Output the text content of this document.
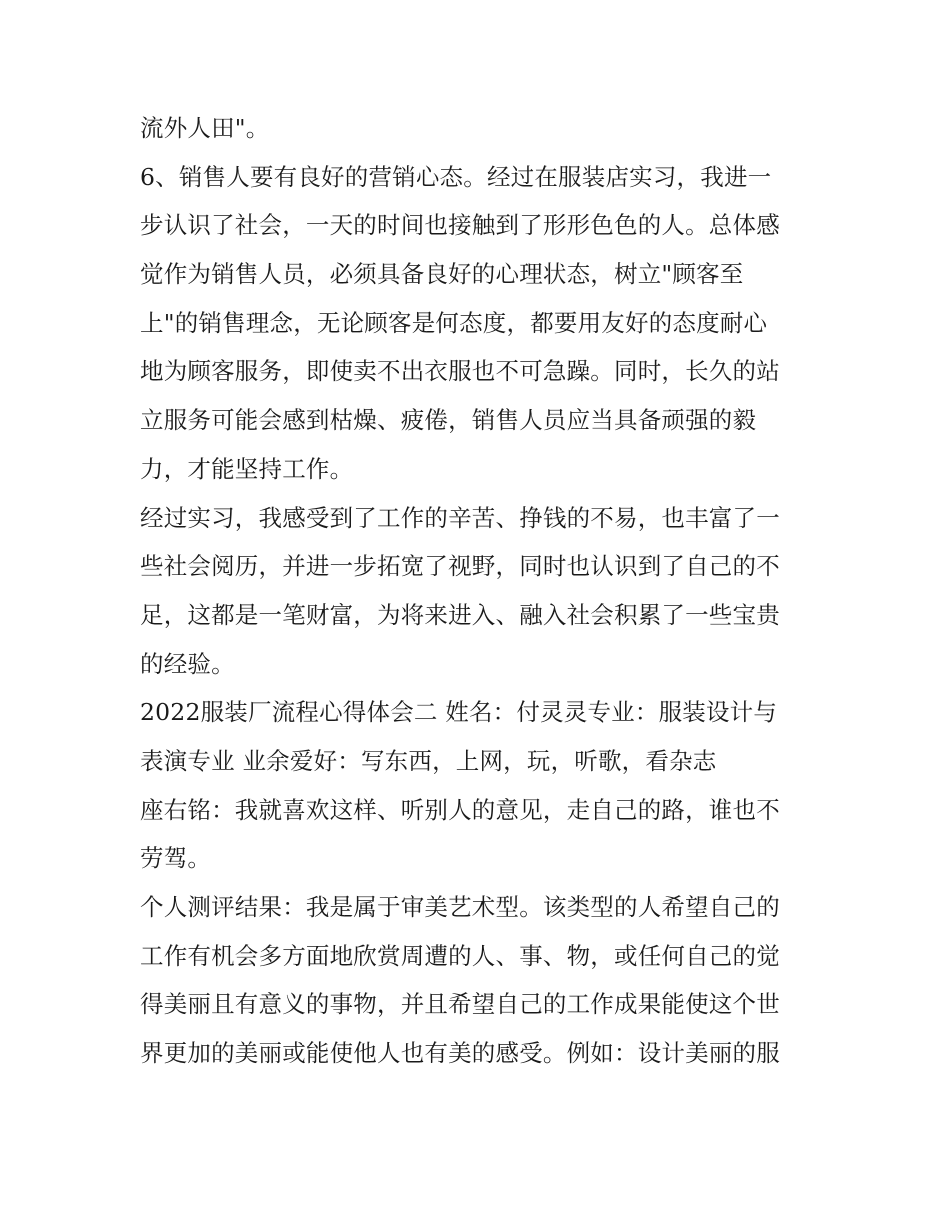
流外人田"。
6、销售人要有良好的营销心态。经过在服装店实习，我进一
步认识了社会，一天的时间也接触到了形形色色的人。总体感
觉作为销售人员，必须具备良好的心理状态，树立"顾客至
上"的销售理念，无论顾客是何态度，都要用友好的态度耐心
地为顾客服务，即使卖不出衣服也不可急躁。同时，长久的站
立服务可能会感到枯燥、疲倦，销售人员应当具备顽强的毅
力，才能坚持工作。
经过实习，我感受到了工作的辛苦、挣钱的不易，也丰富了一
些社会阅历，并进一步拓宽了视野，同时也认识到了自己的不
足，这都是一笔财富，为将来进入、融入社会积累了一些宝贵
的经验。
2022服装厂流程心得体会二 姓名：付灵灵专业：服装设计与
表演专业 业余爱好：写东西，上网，玩，听歌，看杂志
座右铭：我就喜欢这样、听别人的意见，走自己的路，谁也不
劳驾。
个人测评结果：我是属于审美艺术型。该类型的人希望自己的
工作有机会多方面地欣赏周遭的人、事、物，或任何自己的觉
得美丽且有意义的事物，并且希望自己的工作成果能使这个世
界更加的美丽或能使他人也有美的感受。例如：设计美丽的服
